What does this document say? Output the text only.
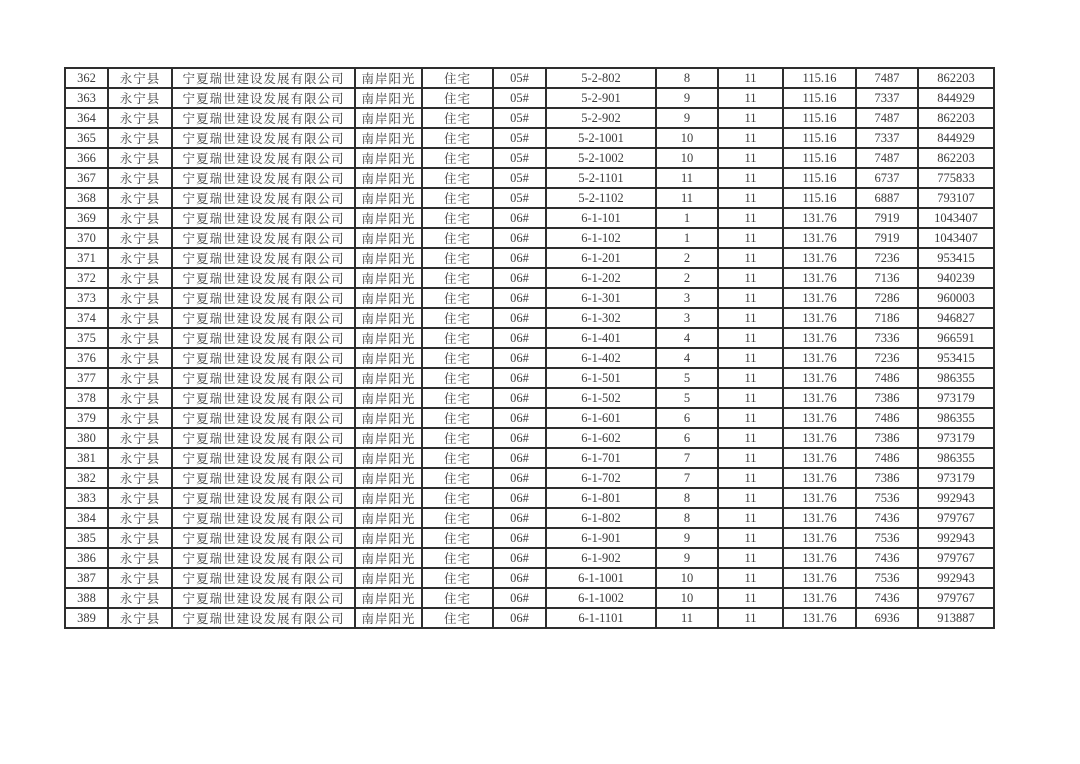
362	永宁县	宁夏瑞世建设发展有限公司	南岸阳光	住宅	05#	5-2-802	8	11	115.16	7487	862203
363	永宁县	宁夏瑞世建设发展有限公司	南岸阳光	住宅	05#	5-2-901	9	11	115.16	7337	844929
364	永宁县	宁夏瑞世建设发展有限公司	南岸阳光	住宅	05#	5-2-902	9	11	115.16	7487	862203
365	永宁县	宁夏瑞世建设发展有限公司	南岸阳光	住宅	05#	5-2-1001	10	11	115.16	7337	844929
366	永宁县	宁夏瑞世建设发展有限公司	南岸阳光	住宅	05#	5-2-1002	10	11	115.16	7487	862203
367	永宁县	宁夏瑞世建设发展有限公司	南岸阳光	住宅	05#	5-2-1101	11	11	115.16	6737	775833
368	永宁县	宁夏瑞世建设发展有限公司	南岸阳光	住宅	05#	5-2-1102	11	11	115.16	6887	793107
369	永宁县	宁夏瑞世建设发展有限公司	南岸阳光	住宅	06#	6-1-101	1	11	131.76	7919	1043407
370	永宁县	宁夏瑞世建设发展有限公司	南岸阳光	住宅	06#	6-1-102	1	11	131.76	7919	1043407
371	永宁县	宁夏瑞世建设发展有限公司	南岸阳光	住宅	06#	6-1-201	2	11	131.76	7236	953415
372	永宁县	宁夏瑞世建设发展有限公司	南岸阳光	住宅	06#	6-1-202	2	11	131.76	7136	940239
373	永宁县	宁夏瑞世建设发展有限公司	南岸阳光	住宅	06#	6-1-301	3	11	131.76	7286	960003
374	永宁县	宁夏瑞世建设发展有限公司	南岸阳光	住宅	06#	6-1-302	3	11	131.76	7186	946827
375	永宁县	宁夏瑞世建设发展有限公司	南岸阳光	住宅	06#	6-1-401	4	11	131.76	7336	966591
376	永宁县	宁夏瑞世建设发展有限公司	南岸阳光	住宅	06#	6-1-402	4	11	131.76	7236	953415
377	永宁县	宁夏瑞世建设发展有限公司	南岸阳光	住宅	06#	6-1-501	5	11	131.76	7486	986355
378	永宁县	宁夏瑞世建设发展有限公司	南岸阳光	住宅	06#	6-1-502	5	11	131.76	7386	973179
379	永宁县	宁夏瑞世建设发展有限公司	南岸阳光	住宅	06#	6-1-601	6	11	131.76	7486	986355
380	永宁县	宁夏瑞世建设发展有限公司	南岸阳光	住宅	06#	6-1-602	6	11	131.76	7386	973179
381	永宁县	宁夏瑞世建设发展有限公司	南岸阳光	住宅	06#	6-1-701	7	11	131.76	7486	986355
382	永宁县	宁夏瑞世建设发展有限公司	南岸阳光	住宅	06#	6-1-702	7	11	131.76	7386	973179
383	永宁县	宁夏瑞世建设发展有限公司	南岸阳光	住宅	06#	6-1-801	8	11	131.76	7536	992943
384	永宁县	宁夏瑞世建设发展有限公司	南岸阳光	住宅	06#	6-1-802	8	11	131.76	7436	979767
385	永宁县	宁夏瑞世建设发展有限公司	南岸阳光	住宅	06#	6-1-901	9	11	131.76	7536	992943
386	永宁县	宁夏瑞世建设发展有限公司	南岸阳光	住宅	06#	6-1-902	9	11	131.76	7436	979767
387	永宁县	宁夏瑞世建设发展有限公司	南岸阳光	住宅	06#	6-1-1001	10	11	131.76	7536	992943
388	永宁县	宁夏瑞世建设发展有限公司	南岸阳光	住宅	06#	6-1-1002	10	11	131.76	7436	979767
389	永宁县	宁夏瑞世建设发展有限公司	南岸阳光	住宅	06#	6-1-1101	11	11	131.76	6936	913887
